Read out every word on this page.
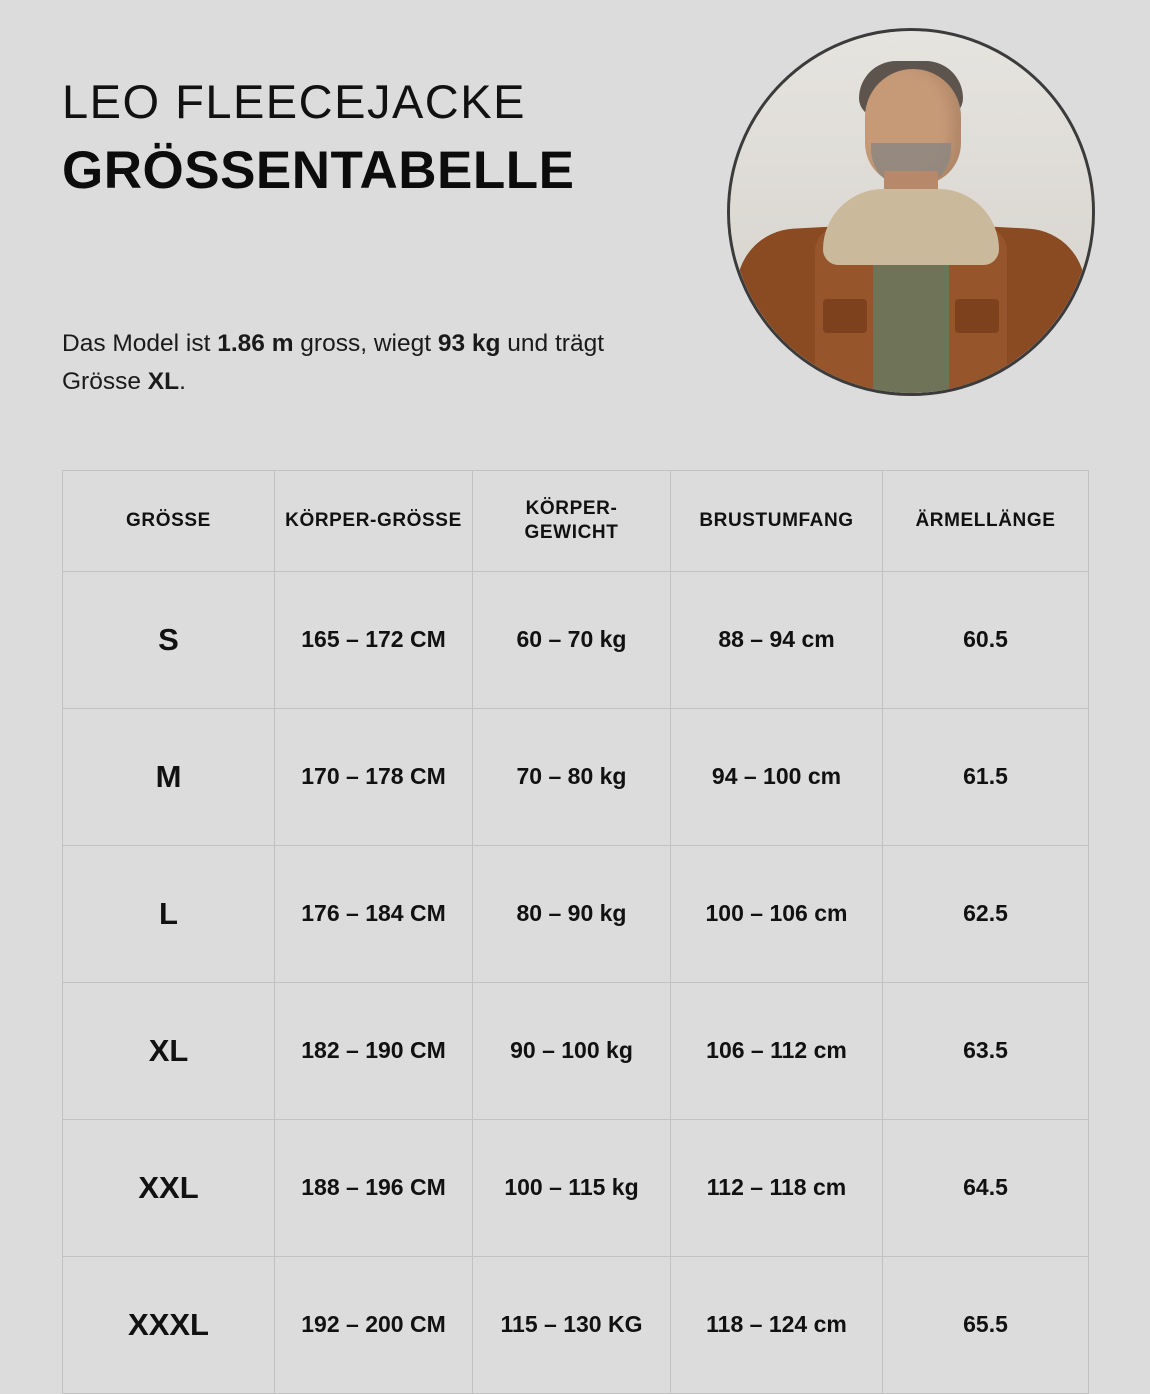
LEO FLEECEJACKE
GRÖSSENTABELLE
Das Model ist 1.86 m gross, wiegt 93 kg und trägt Grösse XL.
GRÖSSE	KÖRPER-GRÖSSE	KÖRPER-GEWICHT	BRUSTUMFANG	ÄRMELLÄNGE
S	165 – 172 CM	60 – 70 kg	88 – 94 cm	60.5
M	170 – 178 CM	70 – 80 kg	94 – 100 cm	61.5
L	176 – 184 CM	80 – 90 kg	100 – 106 cm	62.5
XL	182 – 190 CM	90 – 100 kg	106 – 112 cm	63.5
XXL	188 – 196 CM	100 – 115 kg	112 – 118 cm	64.5
XXXL	192 – 200 CM	115 – 130 KG	118 – 124 cm	65.5
